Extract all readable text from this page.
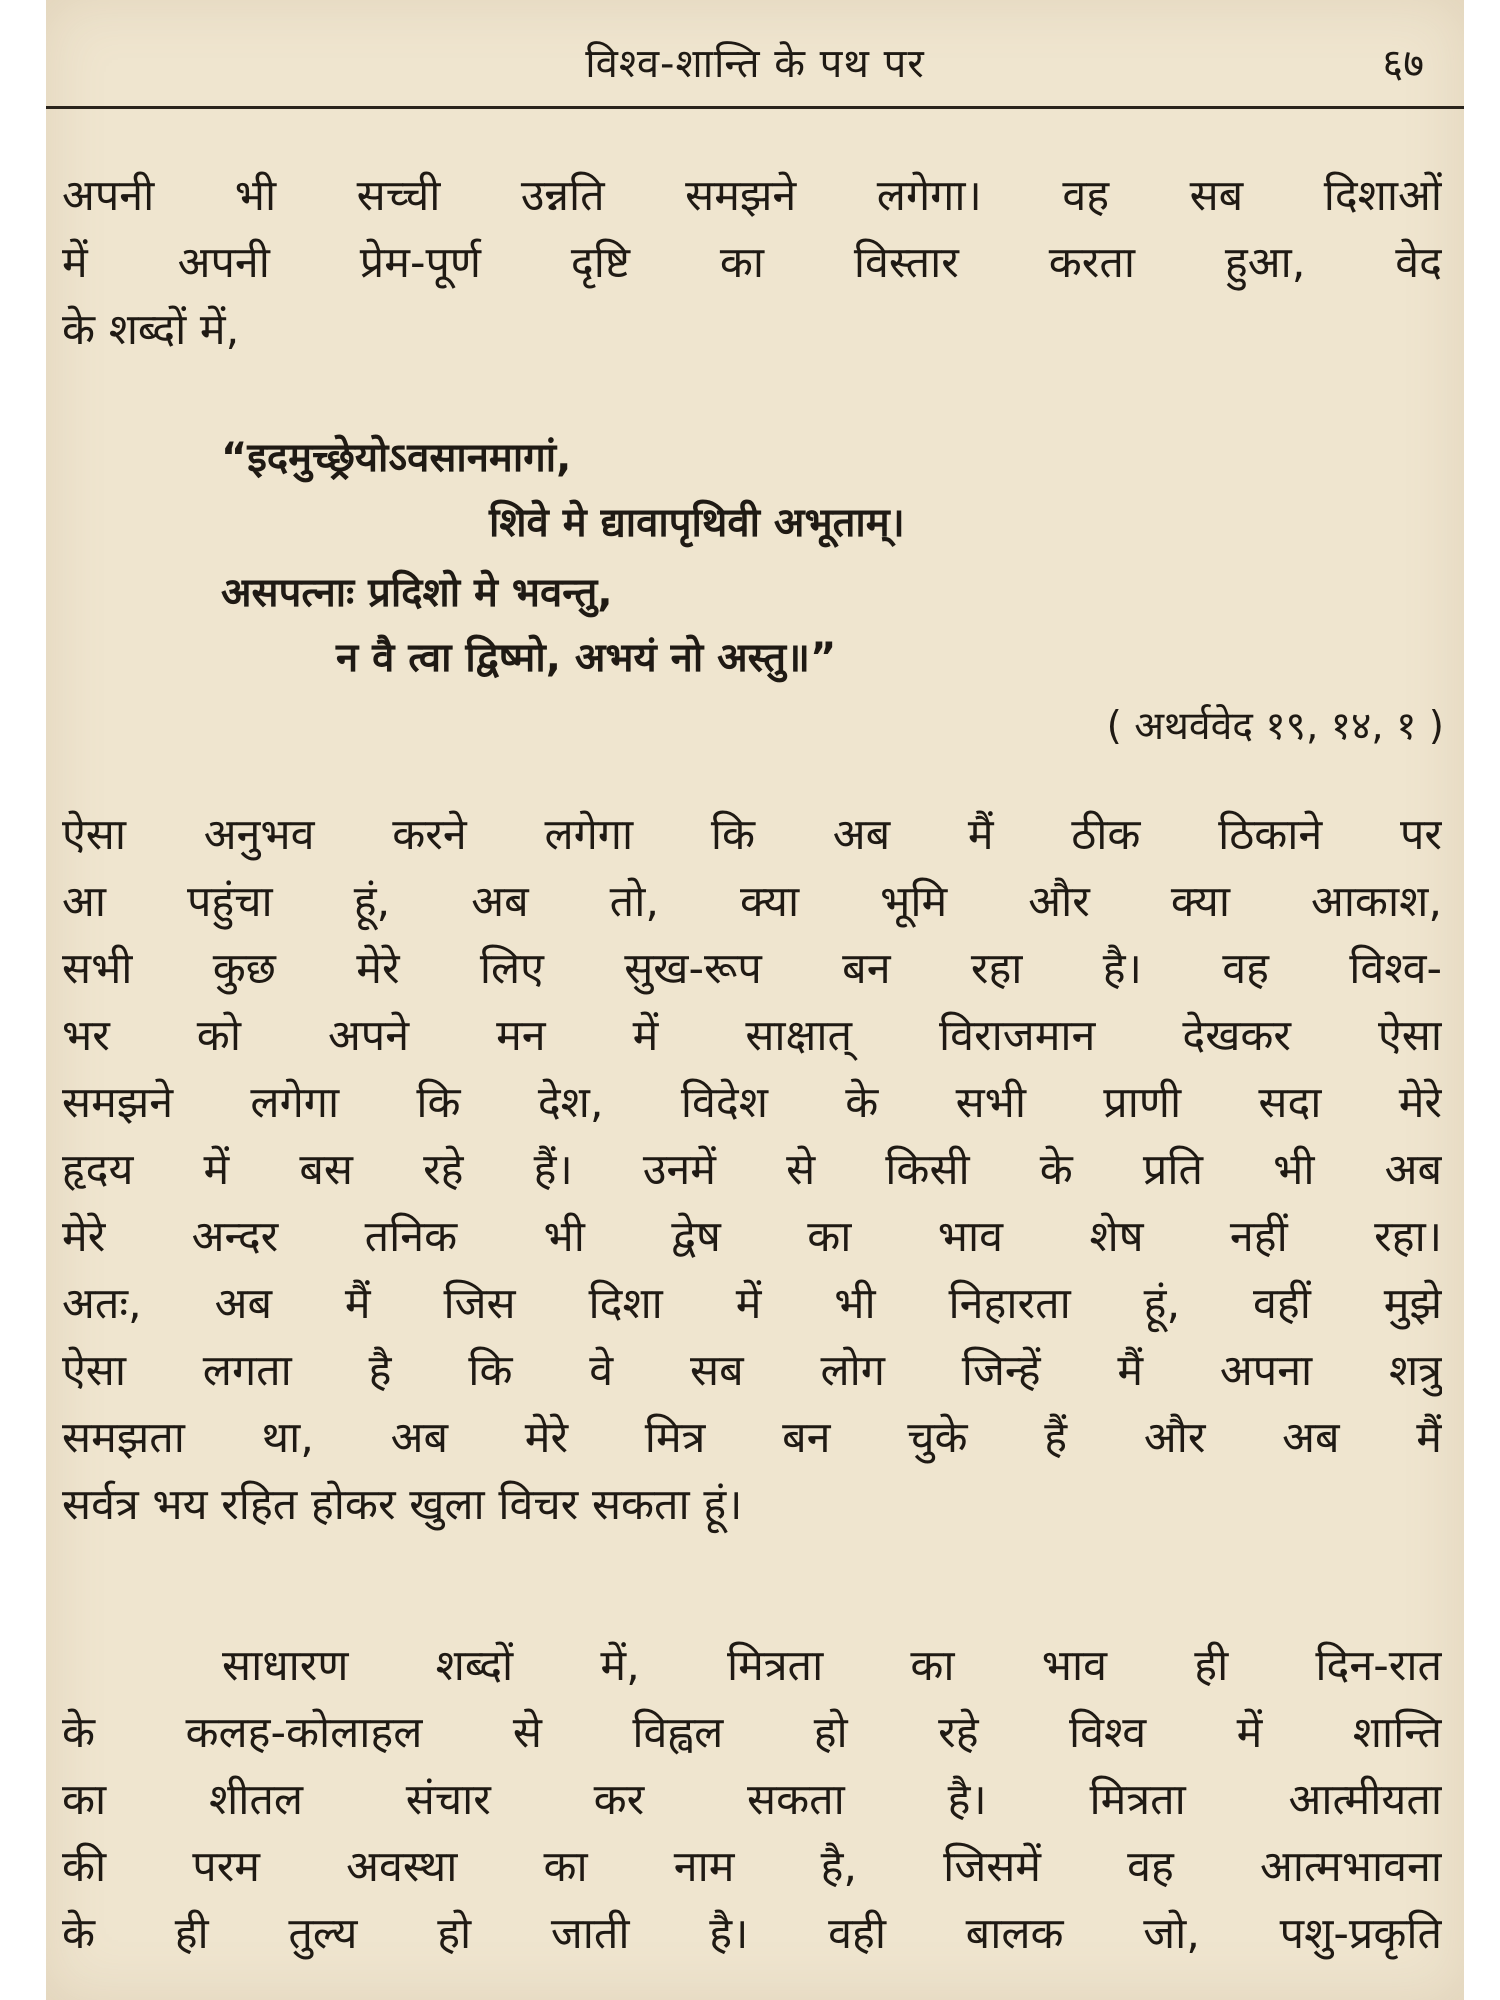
विश्व-शान्ति के पथ पर	६७
अपनी भी सच्ची उन्नति समझने लगेगा। वह सब दिशाओं
में अपनी प्रेम-पूर्ण दृष्टि का विस्तार करता हुआ, वेद
के शब्दों में,
“इदमुच्छ्रेयोऽवसानमागां,
शिवे मे द्यावापृथिवी अभूताम्।
असपत्नाः प्रदिशो मे भवन्तु,
न वै त्वा द्विष्मो, अभयं नो अस्तु॥”
( अथर्ववेद १९, १४, १ )
ऐसा अनुभव करने लगेगा कि अब मैं ठीक ठिकाने पर
आ पहुंचा हूं, अब तो, क्या भूमि और क्या आकाश,
सभी कुछ मेरे लिए सुख-रूप बन रहा है। वह विश्व-
भर को अपने मन में साक्षात् विराजमान देखकर ऐसा
समझने लगेगा कि देश, विदेश के सभी प्राणी सदा मेरे
हृदय में बस रहे हैं। उनमें से किसी के प्रति भी अब
मेरे अन्दर तनिक भी द्वेष का भाव शेष नहीं रहा।
अतः, अब मैं जिस दिशा में भी निहारता हूं, वहीं मुझे
ऐसा लगता है कि वे सब लोग जिन्हें मैं अपना शत्रु
समझता था, अब मेरे मित्र बन चुके हैं और अब मैं
सर्वत्र भय रहित होकर खुला विचर सकता हूं।
साधारण शब्दों में, मित्रता का भाव ही दिन-रात
के कलह-कोलाहल से विह्वल हो रहे विश्व में शान्ति
का शीतल संचार कर सकता है। मित्रता आत्मीयता
की परम अवस्था का नाम है, जिसमें वह आत्मभावना
के ही तुल्य हो जाती है। वही बालक जो, पशु-प्रकृति
